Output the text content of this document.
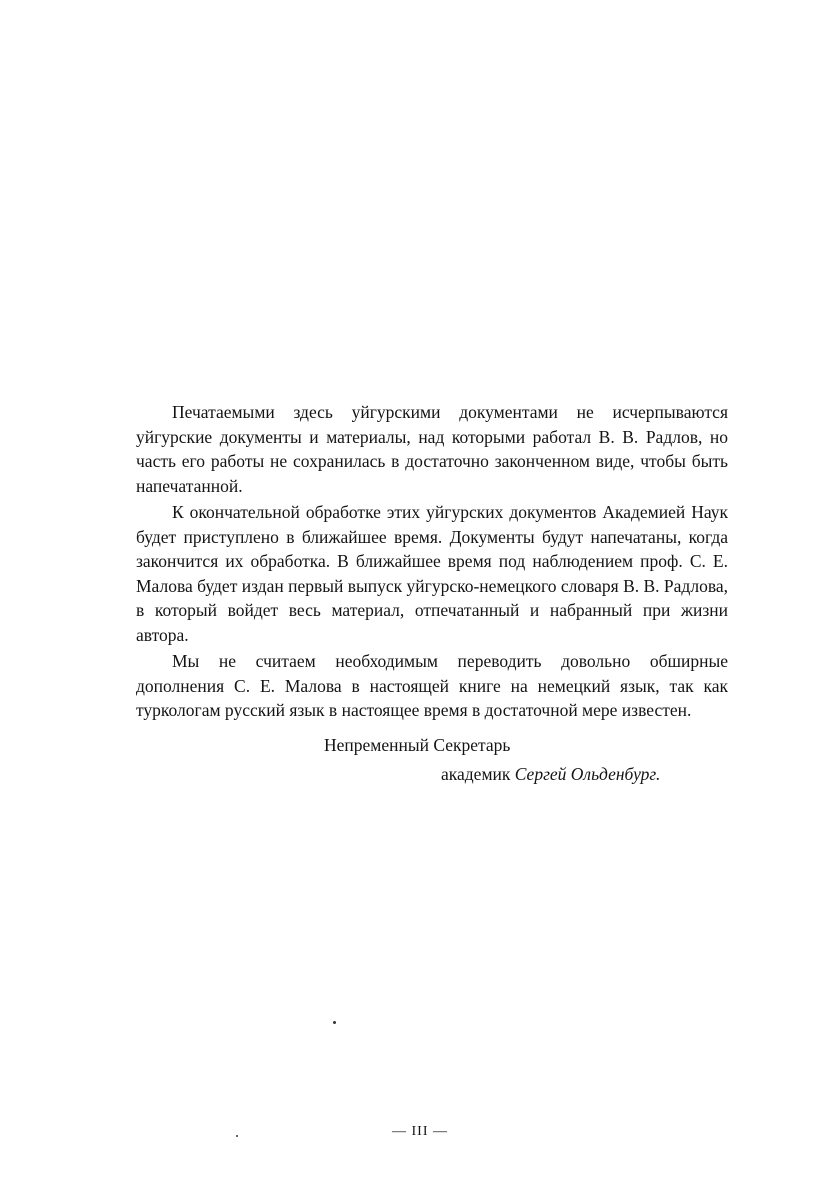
Печатаемыми здесь уйгурскими документами не исчерпываются уйгурские документы и материалы, над которыми работал В. В. Радлов, но часть его работы не сохранилась в достаточно законченном виде, чтобы быть напечатанной.

К окончательной обработке этих уйгурских документов Академией Наук будет приступлено в ближайшее время. Документы будут напечатаны, когда закончится их обработка. В ближайшее время под наблюдением проф. С. Е. Малова будет издан первый выпуск уйгурско-немецкого словаря В. В. Радлова, в который войдет весь материал, отпечатанный и набранный при жизни автора.

Мы не считаем необходимым переводить довольно обширные дополнения С. Е. Малова в настоящей книге на немецкий язык, так как туркологам русский язык в настоящее время в достаточной мере известен.

Непременный Секретарь
академик Сергей Ольденбург.
— III —
